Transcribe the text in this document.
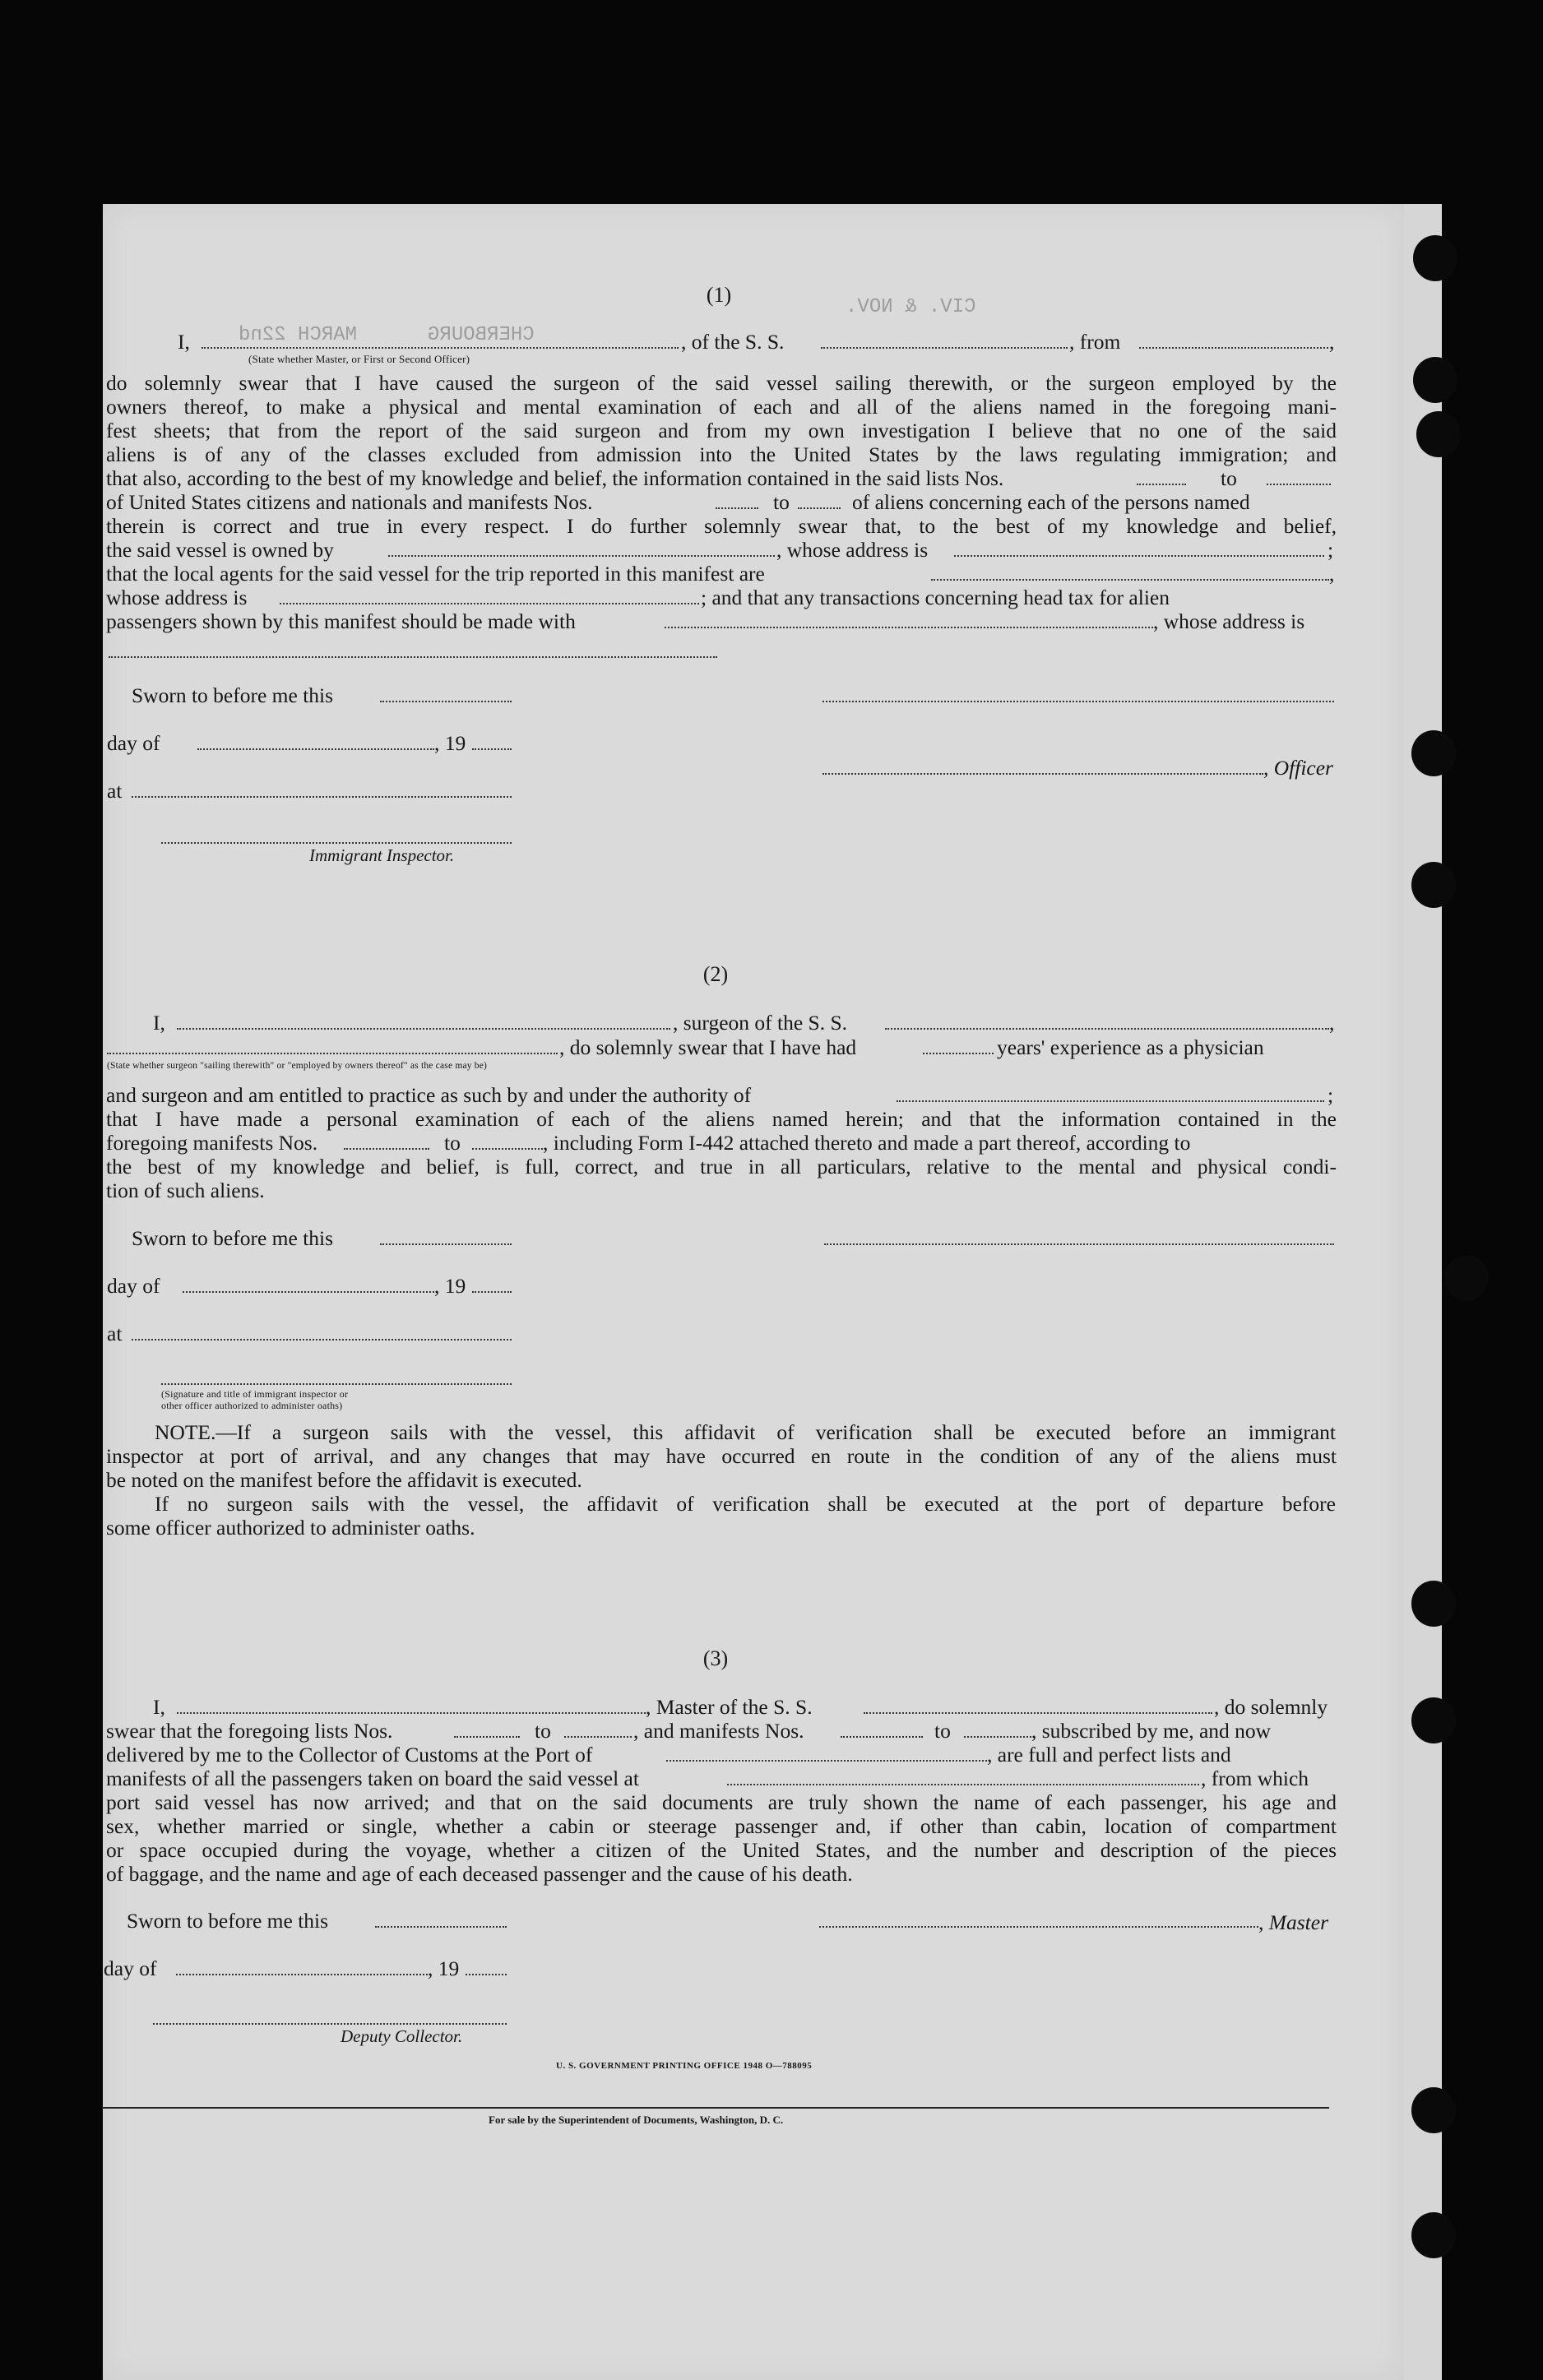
MARCH 22nd	CHERBOURG
CIV. & NOV.
(1)
I,	, of the S. S.	, from	,
(State whether Master, or First or Second Officer)
do solemnly swear that I have caused the surgeon of the said vessel sailing therewith, or the surgeon employed by the
owners thereof, to make a physical and mental examination of each and all of the aliens named in the foregoing mani-
fest sheets; that from the report of the said surgeon and from my own investigation I believe that no one of the said
aliens is of any of the classes excluded from admission into the United States by the laws regulating immigration; and
that also, according to the best of my knowledge and belief, the information contained in the said lists Nos.	to
of United States citizens and nationals and manifests Nos.	to	of aliens concerning each of the persons named
therein is correct and true in every respect. I do further solemnly swear that, to the best of my knowledge and belief,
the said vessel is owned by	, whose address is	;
that the local agents for the said vessel for the trip reported in this manifest are	,
whose address is	; and that any transactions concerning head tax for alien
passengers shown by this manifest should be made with	, whose address is
Sworn to before me this
day of	, 19
, Officer
at
Immigrant Inspector.
(2)
I,	, surgeon of the S. S.	,
, do solemnly swear that I have had	years' experience as a physician
(State whether surgeon "sailing therewith" or "employed by owners thereof" as the case may be)
and surgeon and am entitled to practice as such by and under the authority of	;
that I have made a personal examination of each of the aliens named herein; and that the information contained in the
foregoing manifests Nos.	to	, including Form I-442 attached thereto and made a part thereof, according to
the best of my knowledge and belief, is full, correct, and true in all particulars, relative to the mental and physical condi-
tion of such aliens.
Sworn to before me this
day of	, 19
at
(Signature and title of immigrant inspector or
other officer authorized to administer oaths)
NOTE.—If a surgeon sails with the vessel, this affidavit of verification shall be executed before an immigrant
inspector at port of arrival, and any changes that may have occurred en route in the condition of any of the aliens must
be noted on the manifest before the affidavit is executed.
If no surgeon sails with the vessel, the affidavit of verification shall be executed at the port of departure before
some officer authorized to administer oaths.
(3)
I,	, Master of the S. S.	, do solemnly
swear that the foregoing lists Nos.	to	, and manifests Nos.	to	, subscribed by me, and now
delivered by me to the Collector of Customs at the Port of	, are full and perfect lists and
manifests of all the passengers taken on board the said vessel at	, from which
port said vessel has now arrived; and that on the said documents are truly shown the name of each passenger, his age and
sex, whether married or single, whether a cabin or steerage passenger and, if other than cabin, location of compartment
or space occupied during the voyage, whether a citizen of the United States, and the number and description of the pieces
of baggage, and the name and age of each deceased passenger and the cause of his death.
Sworn to before me this	, Master
day of	, 19
Deputy Collector.
U. S. GOVERNMENT PRINTING OFFICE 1948 O—788095
For sale by the Superintendent of Documents, Washington, D. C.
